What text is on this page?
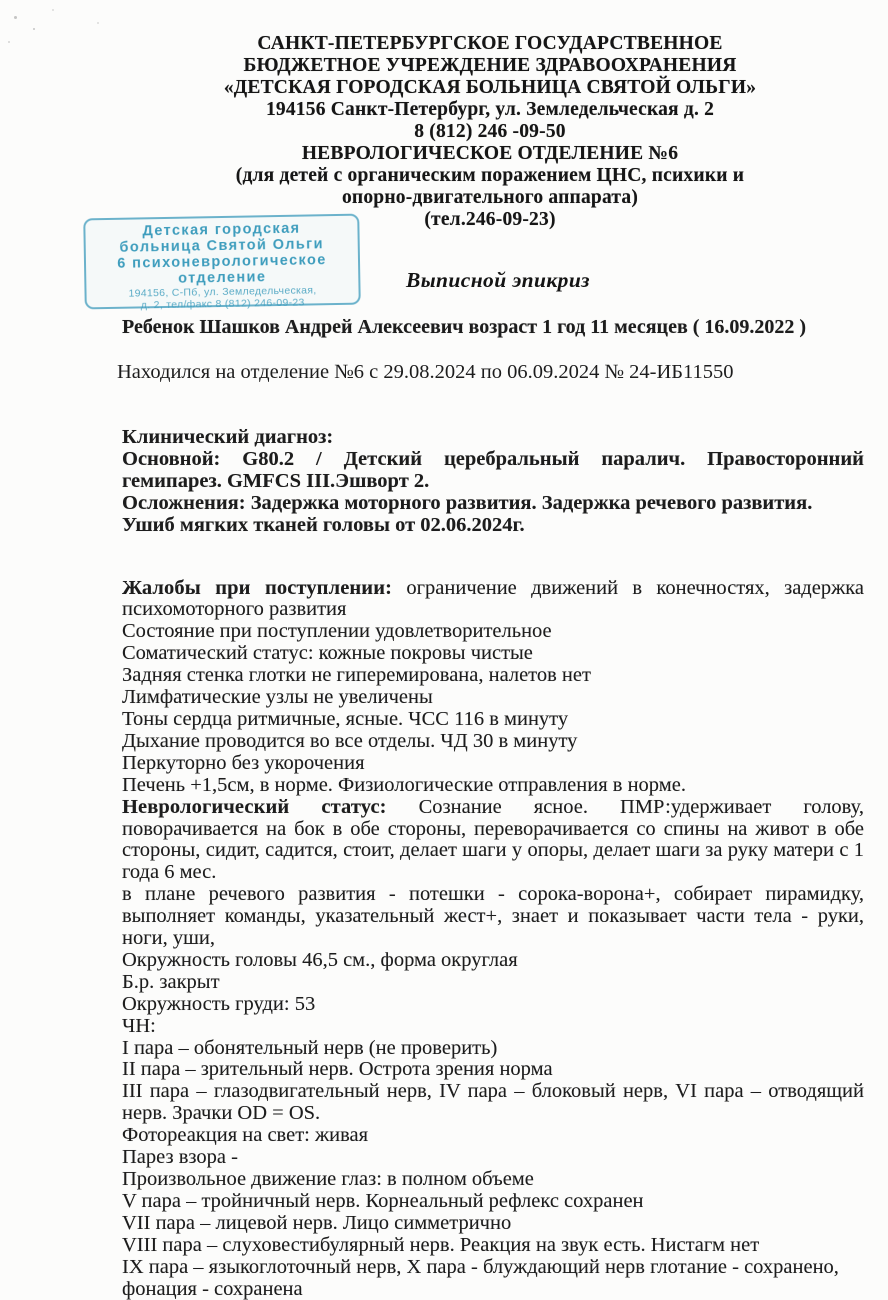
САНКТ-ПЕТЕРБУРГСКОЕ ГОСУДАРСТВЕННОЕ
БЮДЖЕТНОЕ УЧРЕЖДЕНИЕ ЗДРАВООХРАНЕНИЯ
«ДЕТСКАЯ ГОРОДСКАЯ БОЛЬНИЦА СВЯТОЙ ОЛЬГИ»
194156 Санкт-Петербург, ул. Земледельческая д. 2
8 (812) 246 -09-50
НЕВРОЛОГИЧЕСКОЕ ОТДЕЛЕНИЕ №6
(для детей с органическим поражением ЦНС, психики и
опорно-двигательного аппарата)
(тел.246-09-23)
Детская городская
больница Святой Ольги
6 психоневрологическое
отделение
194156, С-Пб, ул. Земледельческая,
д. 2, тел/факс 8 (812) 246-09-23
Выписной эпикриз
Ребенок Шашков Андрей Алексеевич возраст 1 год 11 месяцев ( 16.09.2022 )
Находился на отделение №6 с 29.08.2024 по 06.09.2024 № 24-ИБ11550

Клинический диагноз:

Основной: G80.2 / Детский церебральный паралич. Правосторонний гемипарез. GMFCS III.Эшворт 2.

Осложнения: Задержка моторного развития. Задержка речевого развития.

Ушиб мягких тканей головы от 02.06.2024г.

Жалобы при поступлении: ограничение движений в конечностях, задержка психомоторного развития

Состояние при поступлении удовлетворительное

Соматический статус: кожные покровы чистые

Задняя стенка глотки не гиперемирована, налетов нет

Лимфатические узлы не увеличены

Тоны сердца ритмичные, ясные. ЧСС 116 в минуту

Дыхание проводится во все отделы. ЧД 30 в минуту

Перкуторно без укорочения

Печень +1,5см, в норме. Физиологические отправления в норме.

Неврологический статус: Сознание ясное. ПМР:удерживает голову, поворачивается на бок в обе стороны, переворачивается со спины на живот в обе стороны, сидит, садится, стоит, делает шаги у опоры, делает шаги за руку матери с 1 года 6 мес.

в плане речевого развития - потешки - сорока-ворона+, собирает пирамидку, выполняет команды, указательный жест+, знает и показывает части тела - руки, ноги, уши,

Окружность головы 46,5 см., форма округлая

Б.р. закрыт

Окружность груди: 53

ЧН:

I пара – обонятельный нерв (не проверить)

II пара – зрительный нерв. Острота зрения норма

III пара – глазодвигательный нерв, IV пара – блоковый нерв, VI пара – отводящий нерв. Зрачки OD = OS.

Фотореакция на свет: живая

Парез взора -

Произвольное движение глаз: в полном объеме

V пара – тройничный нерв. Корнеальный рефлекс сохранен

VII пара – лицевой нерв. Лицо симметрично

VIII пара – слуховестибулярный нерв. Реакция на звук есть. Нистагм нет

IX пара – языкоглоточный нерв, X пара - блуждающий нерв глотание - сохранено, фонация - сохранена
